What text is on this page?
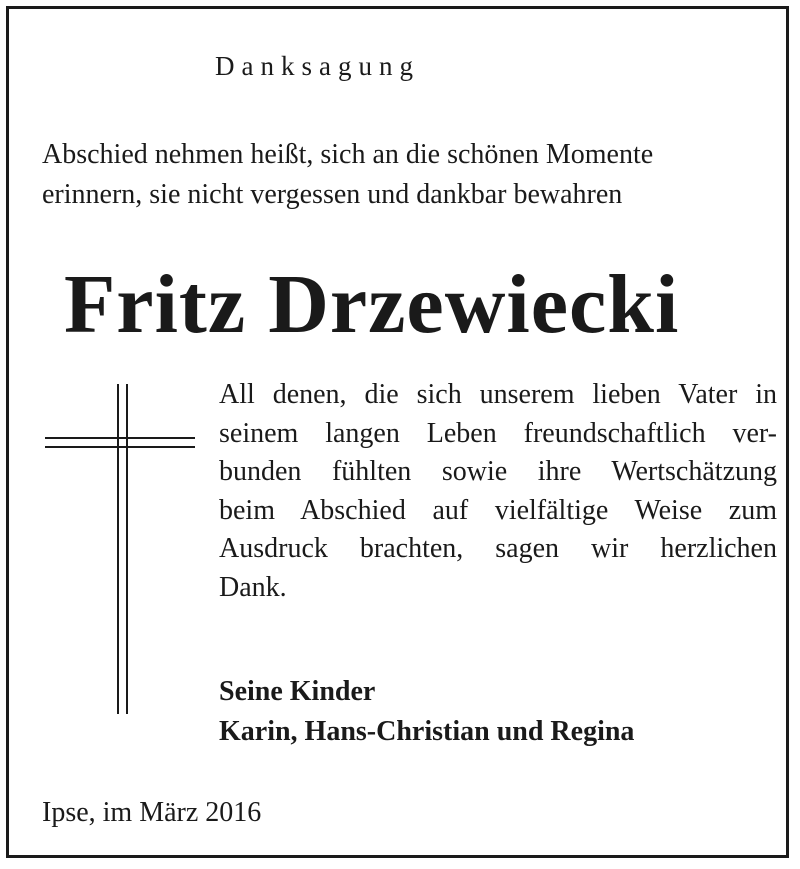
Danksagung
Abschied nehmen heißt, sich an die schönen Momente
erinnern, sie nicht vergessen und dankbar bewahren
Fritz Drzewiecki
All denen, die sich unserem lieben Vater in
seinem langen Leben freundschaftlich ver-
bunden fühlten sowie ihre Wertschätzung
beim Abschied auf vielfältige Weise zum
Ausdruck brachten, sagen wir herzlichen
Dank.
Seine Kinder
Karin, Hans-Christian und Regina
Ipse, im März 2016
